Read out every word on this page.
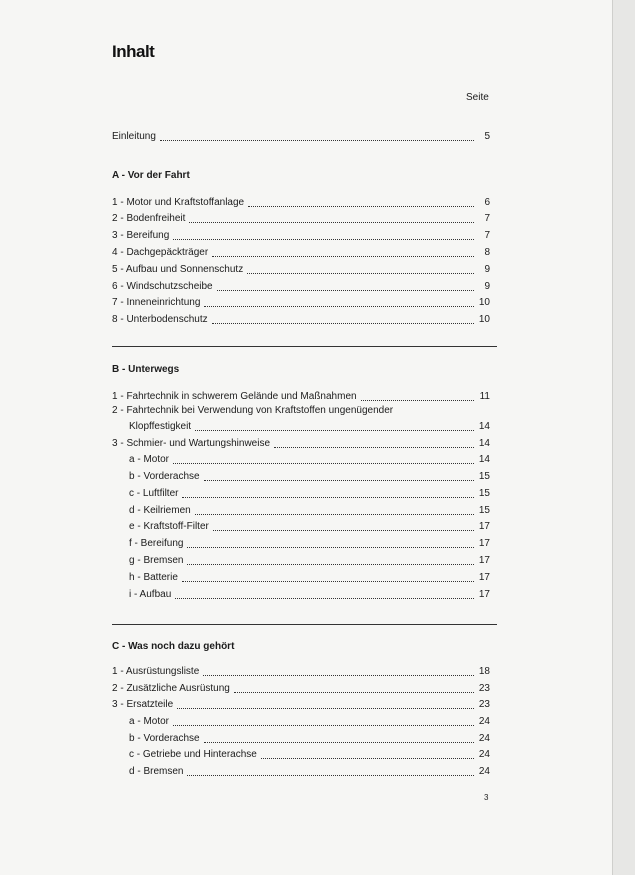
Inhalt
Seite
Einleitung	5
A - Vor der Fahrt
1 - Motor und Kraftstoffanlage	6
2 - Bodenfreiheit	7
3 - Bereifung	7
4 - Dachgepäckträger	8
5 - Aufbau und Sonnenschutz	9
6 - Windschutzscheibe	9
7 - Inneneinrichtung	10
8 - Unterbodenschutz	10
B - Unterwegs
1 - Fahrtechnik in schwerem Gelände und Maßnahmen	11
2 - Fahrtechnik bei Verwendung von Kraftstoffen ungenügender
Klopffestigkeit	14
3 - Schmier- und Wartungshinweise	14
a - Motor	14
b - Vorderachse	15
c - Luftfilter	15
d - Keilriemen	15
e - Kraftstoff-Filter	17
f - Bereifung	17
g - Bremsen	17
h - Batterie	17
i - Aufbau	17
C - Was noch dazu gehört
1 - Ausrüstungsliste	18
2 - Zusätzliche Ausrüstung	23
3 - Ersatzteile	23
a - Motor	24
b - Vorderachse	24
c - Getriebe und Hinterachse	24
d - Bremsen	24
3
